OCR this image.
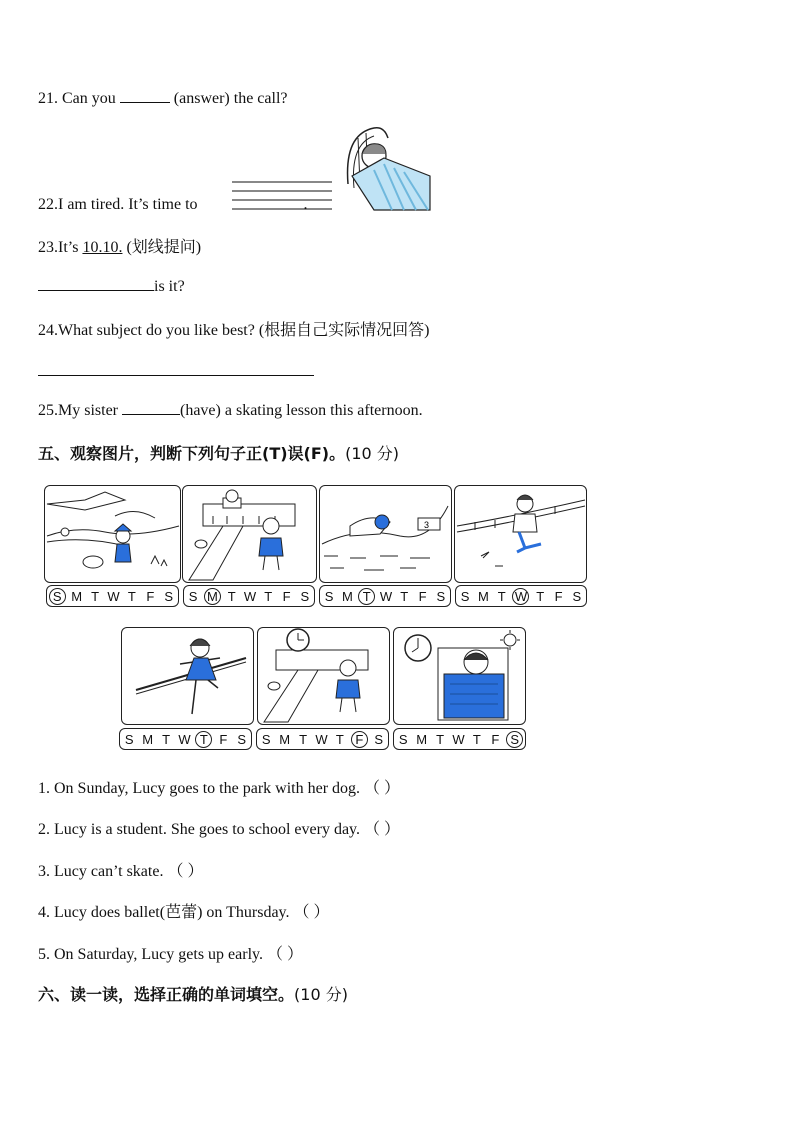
21. Can you	(answer) the call?
22.I am tired. It’s time to	.
23.It’s 10.10. (划线提问)
is it?
24.What subject do you like best? (根据自己实际情况回答)
25.My sister	(have) a skating lesson this afternoon.
五、观察图片，判断下列句子正(T)误(F)。(10 分)
3
S M T W T F S S M T W T F S S M T W T F S S M T W T F S
S M T W T F S S M T W T F S S M T W T F S
1. On Sunday, Lucy goes to the park with her dog. （ ）
2. Lucy is a student. She goes to school every day. （ ）
3. Lucy can’t skate. （ ）
4. Lucy does ballet(芭蕾) on Thursday. （ ）
5. On Saturday, Lucy gets up early. （ ）
六、读一读，选择正确的单词填空。(10 分)
